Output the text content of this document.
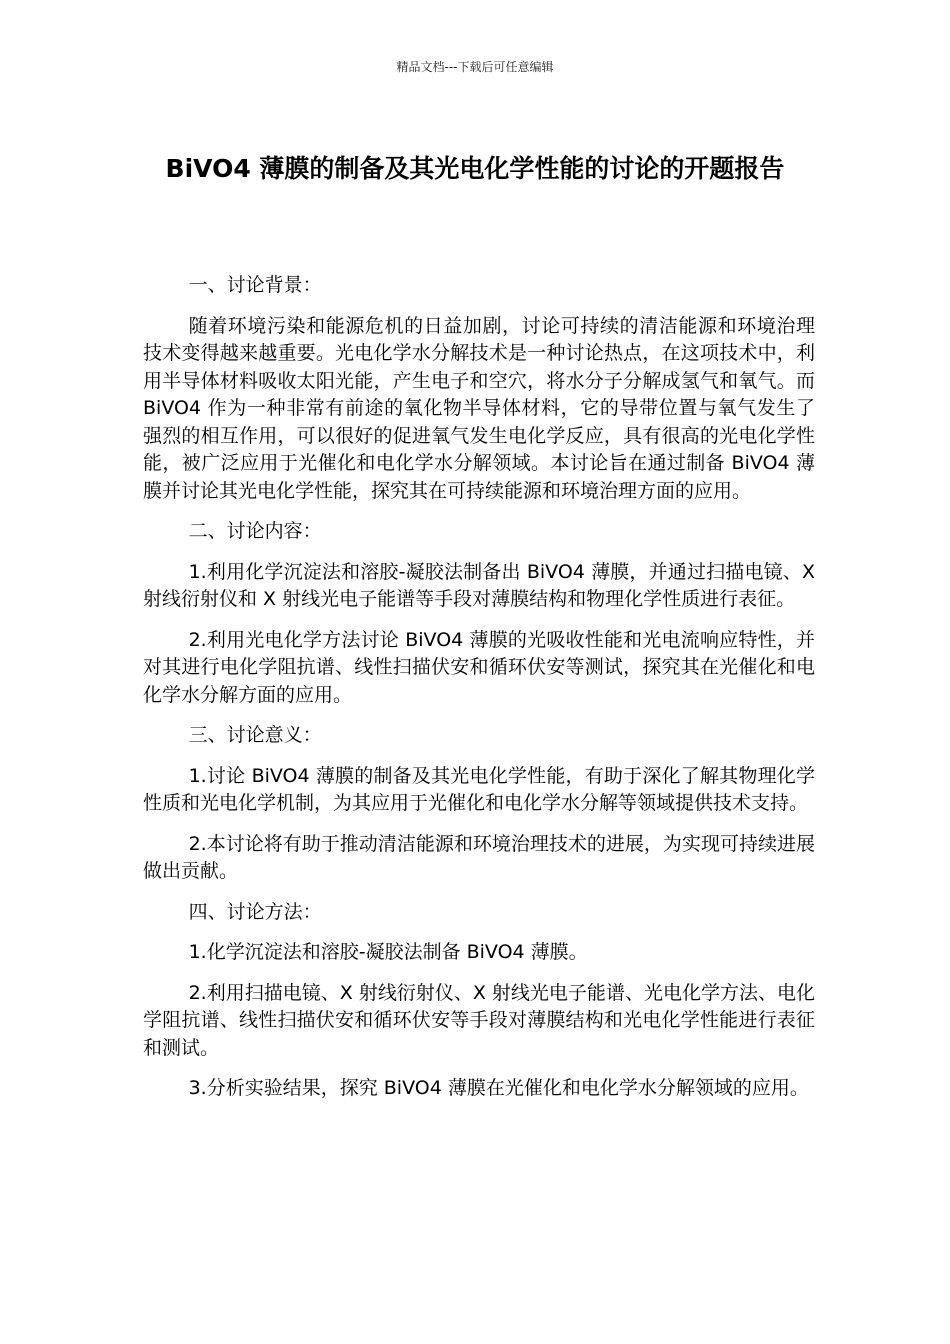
精品文档---下载后可任意编辑
BiVO4 薄膜的制备及其光电化学性能的讨论的开题报告

一、讨论背景：

随着环境污染和能源危机的日益加剧，讨论可持续的清洁能源和环境治理技术变得越来越重要。光电化学水分解技术是一种讨论热点，在这项技术中，利用半导体材料吸收太阳光能，产生电子和空穴，将水分子分解成氢气和氧气。而 BiVO4 作为一种非常有前途的氧化物半导体材料，它的导带位置与氧气发生了强烈的相互作用，可以很好的促进氧气发生电化学反应，具有很高的光电化学性能，被广泛应用于光催化和电化学水分解领域。本讨论旨在通过制备 BiVO4 薄膜并讨论其光电化学性能，探究其在可持续能源和环境治理方面的应用。

二、讨论内容：

1.利用化学沉淀法和溶胶-凝胶法制备出 BiVO4 薄膜，并通过扫描电镜、X 射线衍射仪和 X 射线光电子能谱等手段对薄膜结构和物理化学性质进行表征。

2.利用光电化学方法讨论 BiVO4 薄膜的光吸收性能和光电流响应特性，并对其进行电化学阻抗谱、线性扫描伏安和循环伏安等测试，探究其在光催化和电化学水分解方面的应用。

三、讨论意义：

1.讨论 BiVO4 薄膜的制备及其光电化学性能，有助于深化了解其物理化学性质和光电化学机制，为其应用于光催化和电化学水分解等领域提供技术支持。

2.本讨论将有助于推动清洁能源和环境治理技术的进展，为实现可持续进展做出贡献。

四、讨论方法：

1.化学沉淀法和溶胶-凝胶法制备 BiVO4 薄膜。

2.利用扫描电镜、X 射线衍射仪、X 射线光电子能谱、光电化学方法、电化学阻抗谱、线性扫描伏安和循环伏安等手段对薄膜结构和光电化学性能进行表征和测试。

3.分析实验结果，探究 BiVO4 薄膜在光催化和电化学水分解领域的应用。
